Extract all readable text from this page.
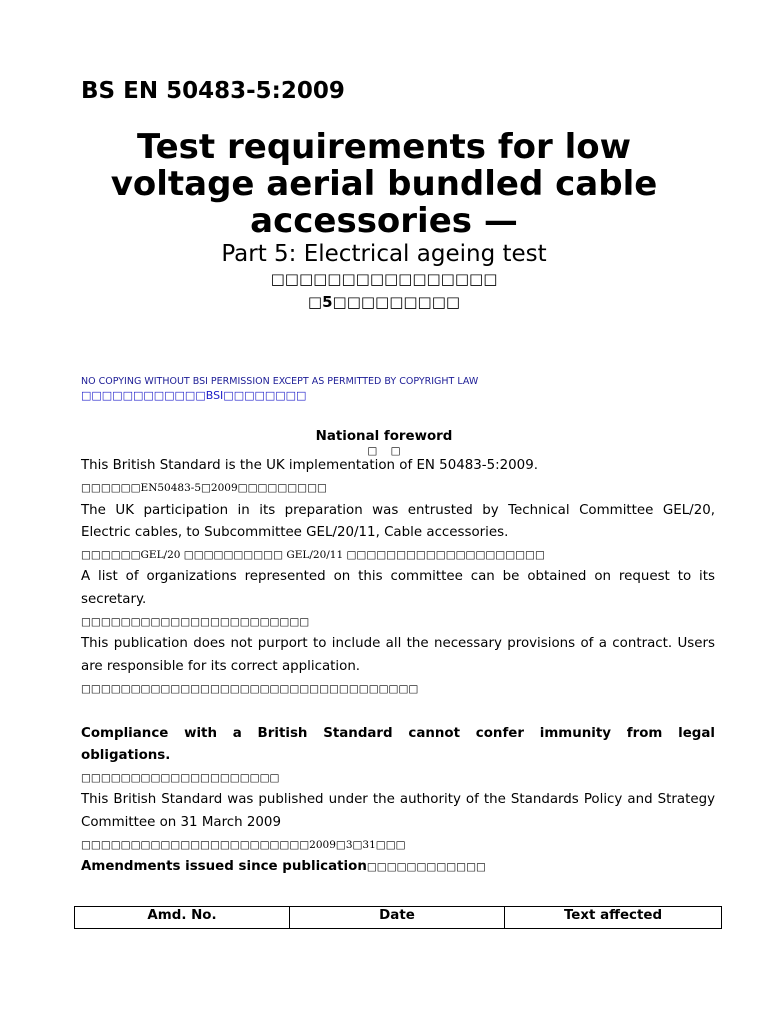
BS EN 50483-5:2009
Test requirements for low
voltage aerial bundled cable
accessories —
Part 5: Electrical ageing test
□□□□□□□□□□□□□□□□
□5□□□□□□□□□
NO COPYING WITHOUT BSI PERMISSION EXCEPT AS PERMITTED BY COPYRIGHT LAW
□□□□□□□□□□□□BSI□□□□□□□□
National foreword
□    □
This British Standard is the UK implementation of EN 50483-5:2009.
□□□□□□EN50483-5□2009□□□□□□□□□
The UK participation in its preparation was entrusted by Technical Committee GEL/20,
Electric cables, to Subcommittee GEL/20/11, Cable accessories.
□□□□□□GEL/20 □□□□□□□□□□ GEL/20/11 □□□□□□□□□□□□□□□□□□□□
A list of organizations represented on this committee can be obtained on request to its
secretary.
□□□□□□□□□□□□□□□□□□□□□□□
This publication does not purport to include all the necessary provisions of a contract. Users
are responsible for its correct application.
□□□□□□□□□□□□□□□□□□□□□□□□□□□□□□□□□□
Compliance with a British Standard cannot confer immunity from legal
obligations.
□□□□□□□□□□□□□□□□□□□□
This British Standard was published under the authority of the Standards Policy and Strategy
Committee on 31 March 2009
□□□□□□□□□□□□□□□□□□□□□□□2009□3□31□□□
Amendments issued since publication□□□□□□□□□□□□
Amd. No.	Date	Text affected
